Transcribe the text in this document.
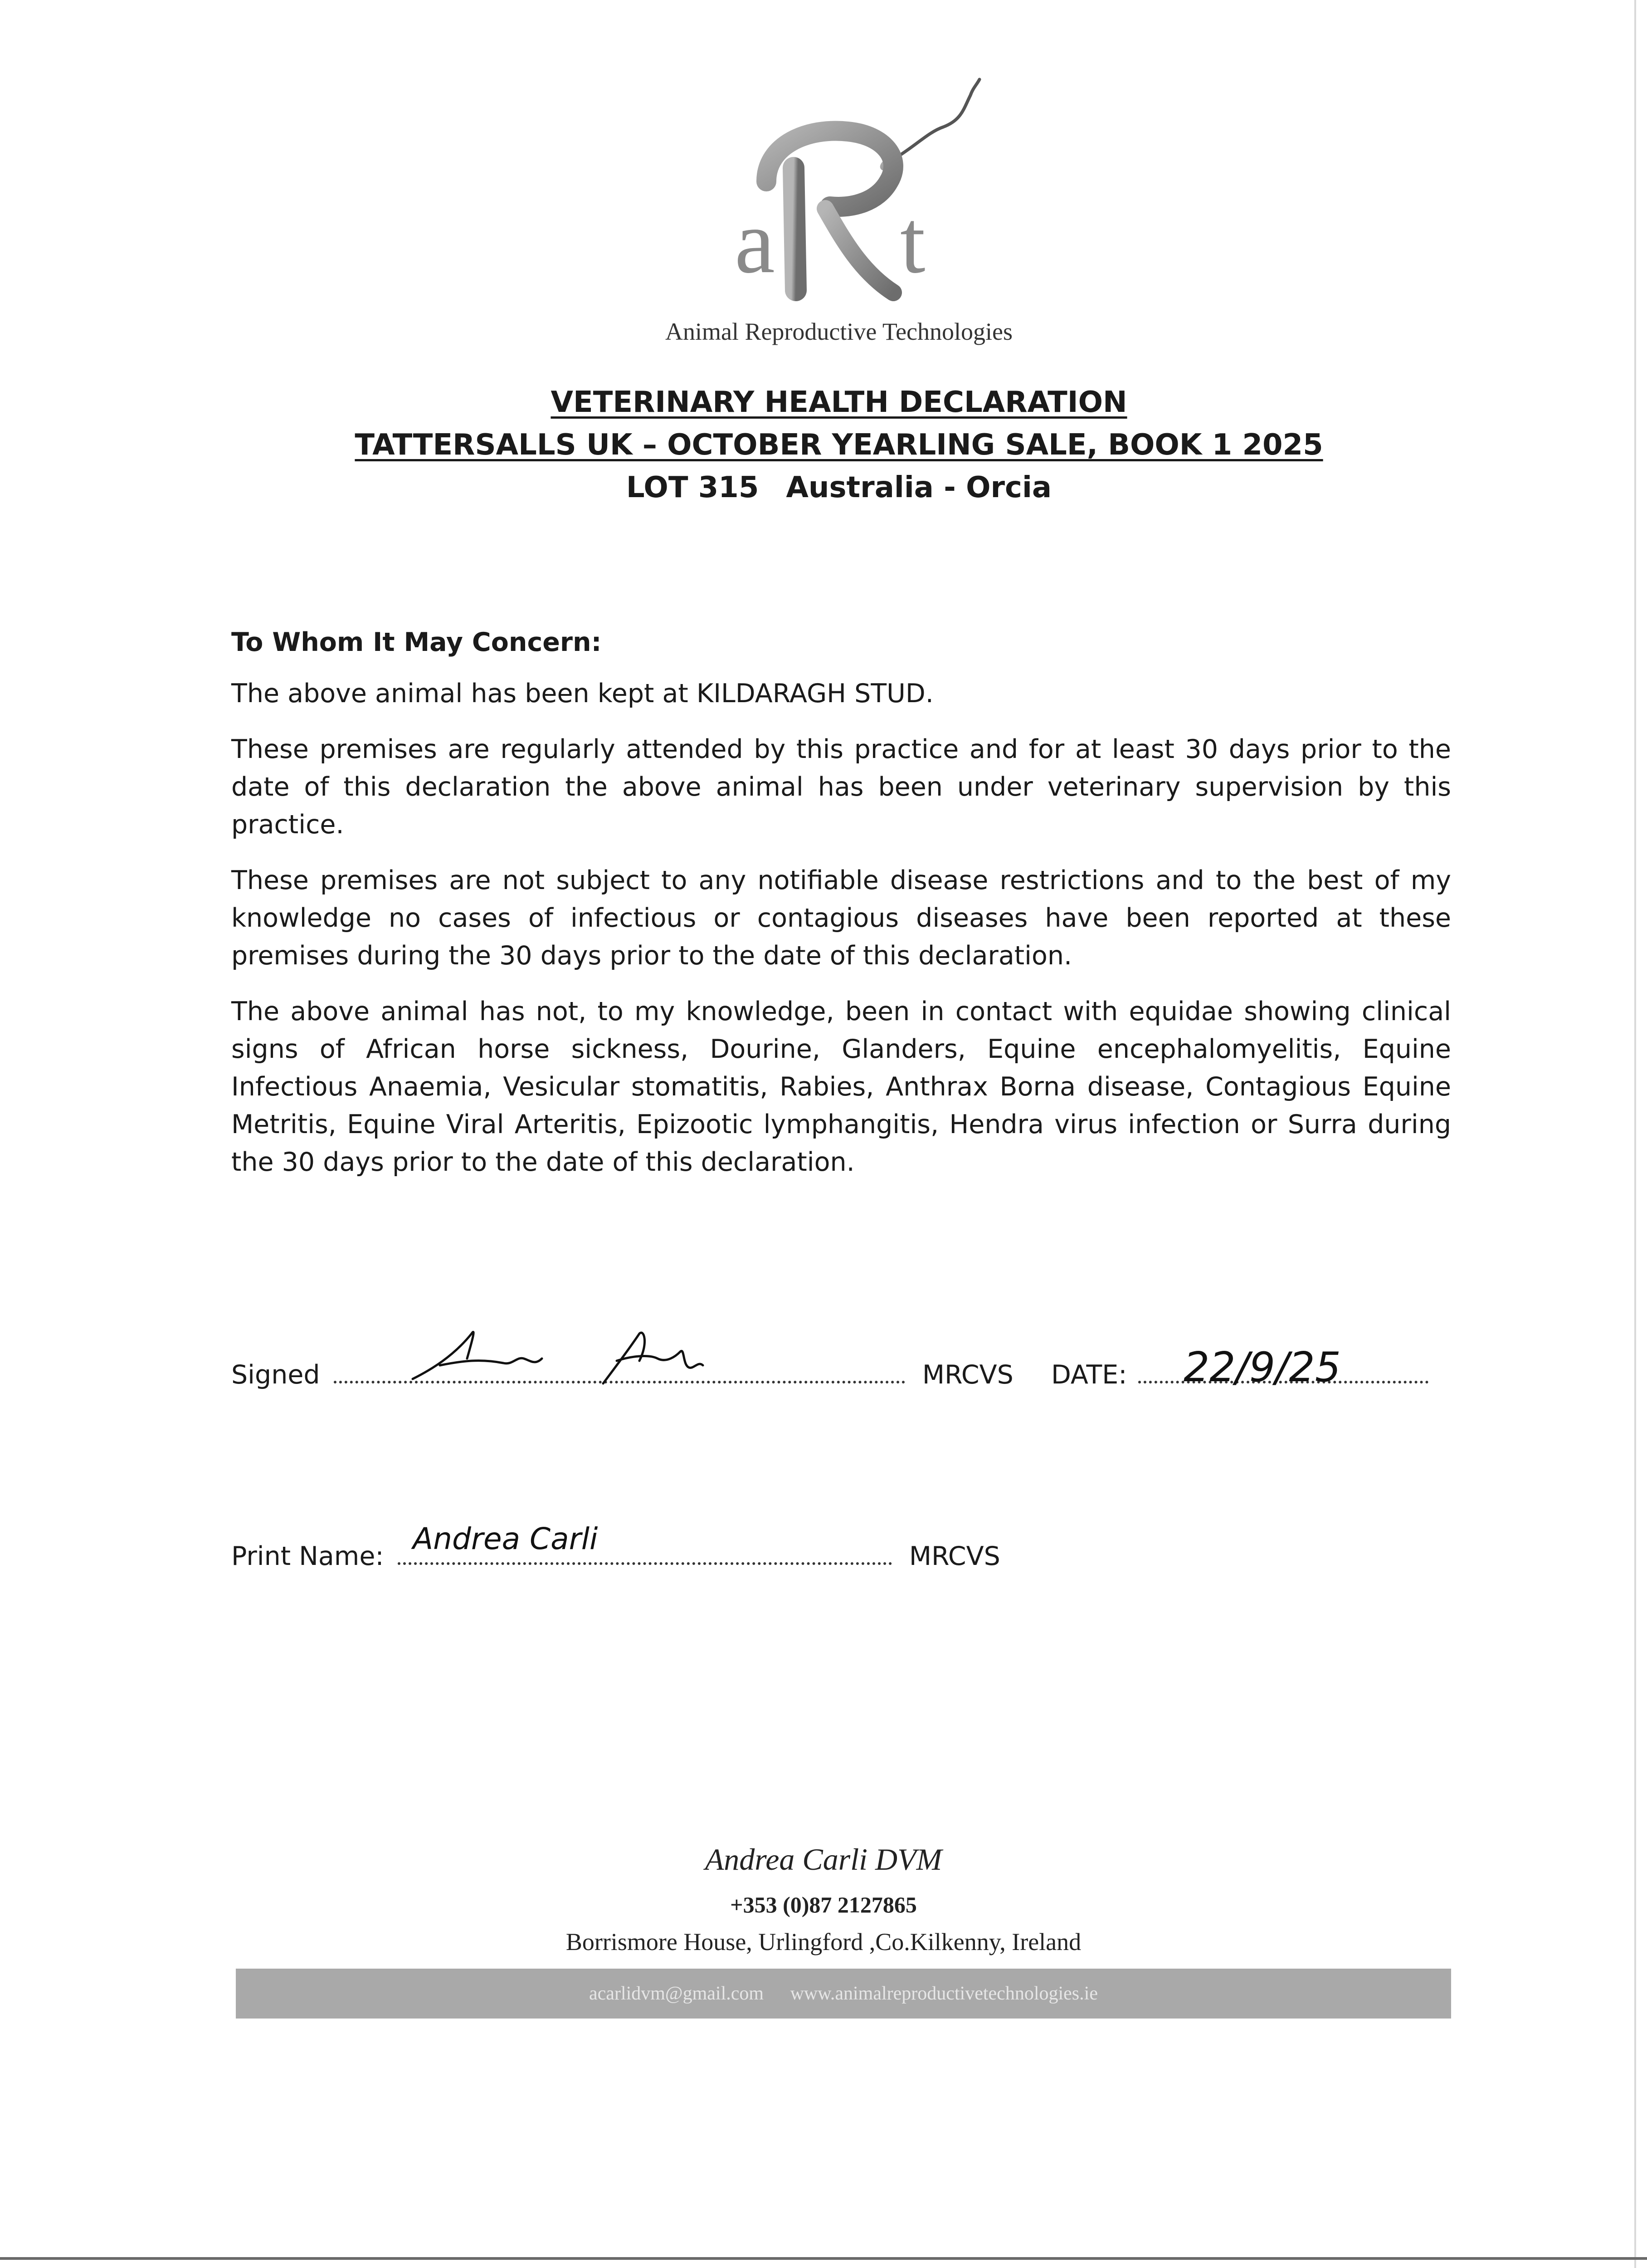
a t
Animal Reproductive Technologies
VETERINARY HEALTH DECLARATION
TATTERSALLS UK – OCTOBER YEARLING SALE, BOOK 1 2025
LOT 315 Australia - Orcia

To Whom It May Concern:

The above animal has been kept at KILDARAGH STUD.

These premises are regularly attended by this practice and for at least 30 days prior to the date of this declaration the above animal has been under veterinary supervision by this practice.

These premises are not subject to any notifiable disease restrictions and to the best of my knowledge no cases of infectious or contagious diseases have been reported at these premises during the 30 days prior to the date of this declaration.

The above animal has not, to my knowledge, been in contact with equidae showing clinical signs of African horse sickness, Dourine, Glanders, Equine encephalomyelitis, Equine Infectious Anaemia, Vesicular stomatitis, Rabies, Anthrax Borna disease, Contagious Equine Metritis, Equine Viral Arteritis, Epizootic lymphangitis, Hendra virus infection or Surra during the 30 days prior to the date of this declaration.

Signed	MRCVS DATE:	22/9/25
Print Name:	MRCVS
Andrea Carli
Andrea Carli DVM
+353 (0)87 2127865
Borrismore House, Urlingford ,Co.Kilkenny, Ireland
acarlidvm@gmail.com www.animalreproductivetechnologies.ie
